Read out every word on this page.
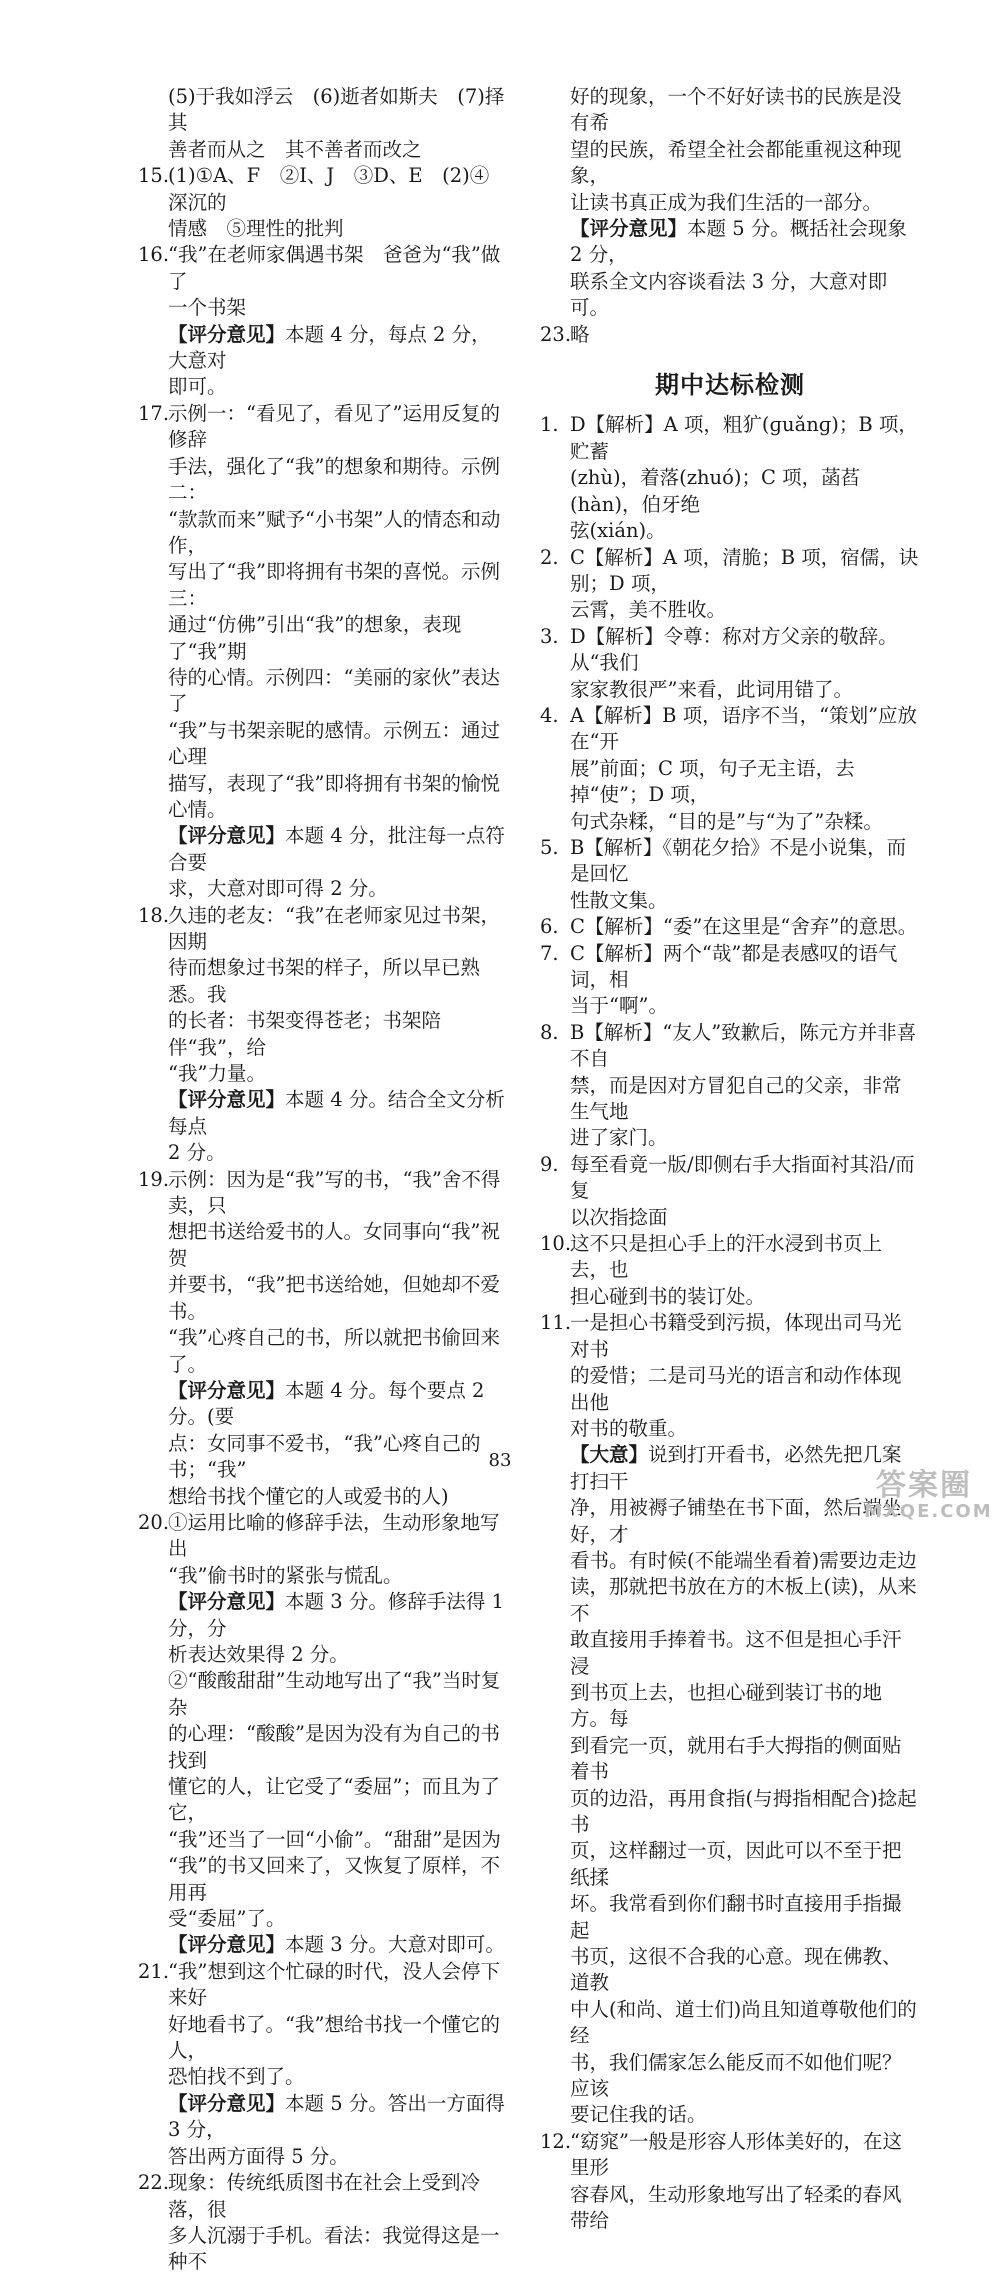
(5)于我如浮云　(6)逝者如斯夫　(7)择其
善者而从之　其不善者而改之
15.
(1)①A、F　②I、J　③D、E　(2)④深沉的
情感　⑤理性的批判
16.
“我”在老师家偶遇书架　爸爸为“我”做了
一个书架
【评分意见】本题 4 分，每点 2 分，大意对
即可。
17.
示例一：“看见了，看见了”运用反复的修辞
手法，强化了“我”的想象和期待。示例二：
“款款而来”赋予“小书架”人的情态和动作，
写出了“我”即将拥有书架的喜悦。示例三：
通过“仿佛”引出“我”的想象，表现了“我”期
待的心情。示例四：“美丽的家伙”表达了
“我”与书架亲昵的感情。示例五：通过心理
描写，表现了“我”即将拥有书架的愉悦
心情。
【评分意见】本题 4 分，批注每一点符合要
求，大意对即可得 2 分。
18.
久违的老友：“我”在老师家见过书架，因期
待而想象过书架的样子，所以早已熟悉。我
的长者：书架变得苍老；书架陪伴“我”，给
“我”力量。
【评分意见】本题 4 分。结合全文分析每点
2 分。
19.
示例：因为是“我”写的书，“我”舍不得卖，只
想把书送给爱书的人。女同事向“我”祝贺
并要书，“我”把书送给她，但她却不爱书。
“我”心疼自己的书，所以就把书偷回来了。
【评分意见】本题 4 分。每个要点 2 分。(要
点：女同事不爱书，“我”心疼自己的书；“我”
想给书找个懂它的人或爱书的人)
20.
①运用比喻的修辞手法，生动形象地写出
“我”偷书时的紧张与慌乱。
【评分意见】本题 3 分。修辞手法得 1 分，分
析表达效果得 2 分。
②“酸酸甜甜”生动地写出了“我”当时复杂
的心理：“酸酸”是因为没有为自己的书找到
懂它的人，让它受了“委屈”；而且为了它，
“我”还当了一回“小偷”。“甜甜”是因为
“我”的书又回来了，又恢复了原样，不用再
受“委屈”了。
【评分意见】本题 3 分。大意对即可。
21.
“我”想到这个忙碌的时代，没人会停下来好
好地看书了。“我”想给书找一个懂它的人，
恐怕找不到了。
【评分意见】本题 5 分。答出一方面得 3 分，
答出两方面得 5 分。
22.
现象：传统纸质图书在社会上受到冷落，很
多人沉溺于手机。看法：我觉得这是一种不
好的现象，一个不好好读书的民族是没有希
望的民族，希望全社会都能重视这种现象，
让读书真正成为我们生活的一部分。
【评分意见】本题 5 分。概括社会现象 2 分，
联系全文内容谈看法 3 分，大意对即可。
23.
略
期中达标检测
1. D【解析】A 项，粗犷(ɡuǎnɡ)；B 项，贮蓄
(zhù)，着落(zhuó)；C 项，菡萏(hàn)，伯牙绝
弦(xián)。
2. C【解析】A 项，清脆；B 项，宿儒，诀别；D 项，
云霄，美不胜收。
3. D【解析】令尊：称对方父亲的敬辞。从“我们
家家教很严”来看，此词用错了。
4. A【解析】B 项，语序不当，“策划”应放在“开
展”前面；C 项，句子无主语，去掉“使”；D 项，
句式杂糅，“目的是”与“为了”杂糅。
5. B【解析】《朝花夕拾》不是小说集，而是回忆
性散文集。
6. C【解析】“委”在这里是“舍弃”的意思。
7. C【解析】两个“哉”都是表感叹的语气词，相
当于“啊”。
8. B【解析】“友人”致歉后，陈元方并非喜不自
禁，而是因对方冒犯自己的父亲，非常生气地
进了家门。
9. 每至看竟一版/即侧右手大指面衬其沿/而复
以次指捻面
10.
这不只是担心手上的汗水浸到书页上去，也
担心碰到书的装订处。
11.
一是担心书籍受到污损，体现出司马光对书
的爱惜；二是司马光的语言和动作体现出他
对书的敬重。
【大意】说到打开看书，必然先把几案打扫干
净，用被褥子铺垫在书下面，然后端坐好，才
看书。有时候(不能端坐看着)需要边走边
读，那就把书放在方的木板上(读)，从来不
敢直接用手捧着书。这不但是担心手汗浸
到书页上去，也担心碰到装订书的地方。每
到看完一页，就用右手大拇指的侧面贴着书
页的边沿，再用食指(与拇指相配合)捻起书
页，这样翻过一页，因此可以不至于把纸揉
坏。我常看到你们翻书时直接用手指撮起
书页，这很不合我的心意。现在佛教、道教
中人(和尚、道士们)尚且知道尊敬他们的经
书，我们儒家怎么能反而不如他们呢？应该
要记住我的话。
12.
“窈窕”一般是形容人形体美好的，在这里形
容春风，生动形象地写出了轻柔的春风带给
83
答案圈
MXQE.COM
